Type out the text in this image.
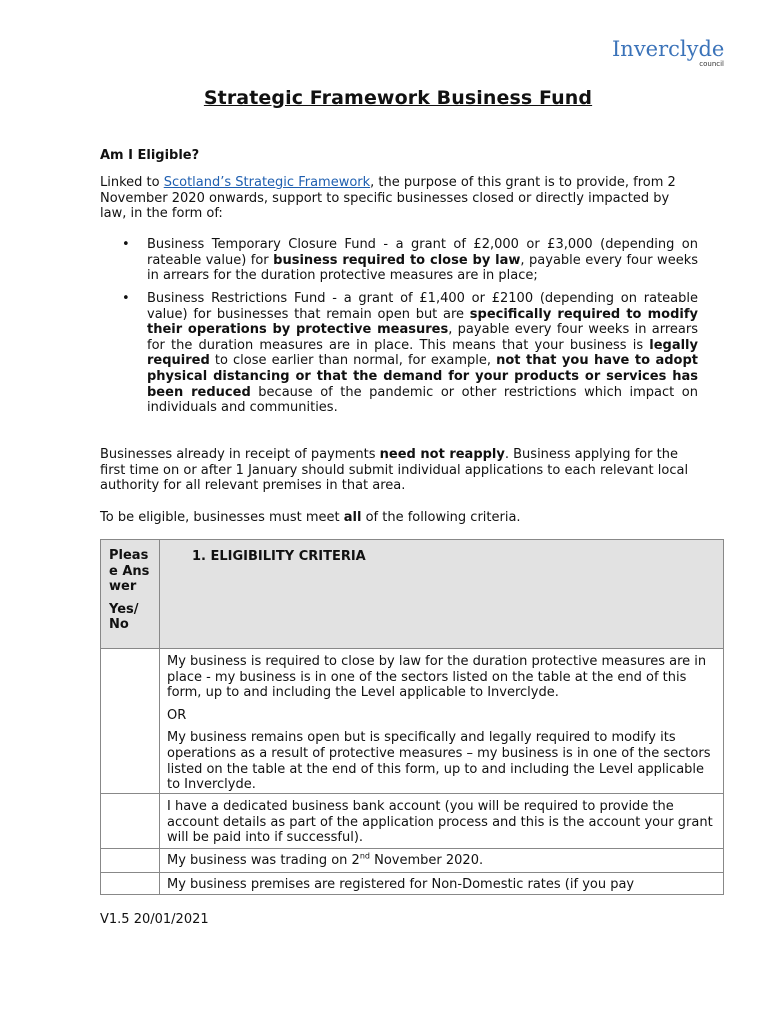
Inverclyde
council
Strategic Framework Business Fund
Am I Eligible?

Linked to Scotland’s Strategic Framework, the purpose of this grant is to provide, from 2 November 2020 onwards, support to specific businesses closed or directly impacted by law, in the form of:

• Business Temporary Closure Fund - a grant of £2,000 or £3,000 (depending on rateable value) for business required to close by law, payable every four weeks in arrears for the duration protective measures are in place;
• Business Restrictions Fund - a grant of £1,400 or £2100 (depending on rateable value) for businesses that remain open but are specifically required to modify their operations by protective measures, payable every four weeks in arrears for the duration measures are in place. This means that your business is legally required to close earlier than normal, for example, not that you have to adopt physical distancing or that the demand for your products or services has been reduced because of the pandemic or other restrictions which impact on individuals and communities.

Businesses already in receipt of payments need not reapply. Business applying for the first time on or after 1 January should submit individual applications to each relevant local authority for all relevant premises in that area.

To be eligible, businesses must meet all of the following criteria.

Please Answer
Yes/ No	1. ELIGIBILITY CRITERIA

	My business is required to close by law for the duration protective measures are in place - my business is in one of the sectors listed on the table at the end of this form, up to and including the Level applicable to Inverclyde.
OR
My business remains open but is specifically and legally required to modify its operations as a result of protective measures – my business is in one of the sectors listed on the table at the end of this form, up to and including the Level applicable to Inverclyde.

	I have a dedicated business bank account (you will be required to provide the account details as part of the application process and this is the account your grant will be paid into if successful).

	My business was trading on 2nd November 2020.

	My business premises are registered for Non-Domestic rates (if you pay
V1.5 20/01/2021
